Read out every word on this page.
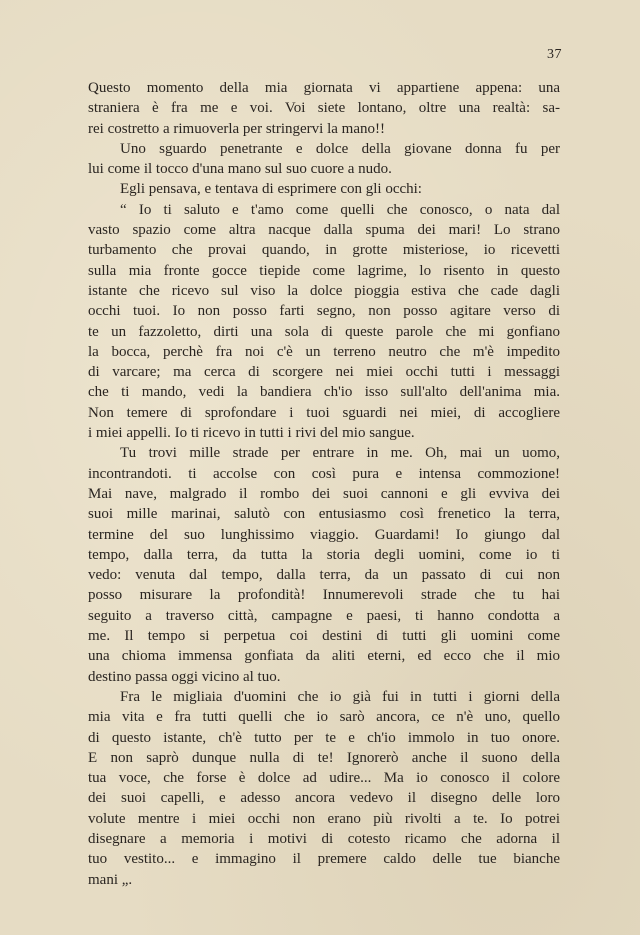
37
Questo momento della mia giornata vi appartiene appena: una
straniera è fra me e voi. Voi siete lontano, oltre una realtà: sa-
rei costretto a rimuoverla per stringervi la mano!!
Uno sguardo penetrante e dolce della giovane donna fu per
lui come il tocco d'una mano sul suo cuore a nudo.
Egli pensava, e tentava di esprimere con gli occhi:
“ Io ti saluto e t'amo come quelli che conosco, o nata dal
vasto spazio come altra nacque dalla spuma dei mari! Lo strano
turbamento che provai quando, in grotte misteriose, io ricevetti
sulla mia fronte gocce tiepide come lagrime, lo risento in questo
istante che ricevo sul viso la dolce pioggia estiva che cade dagli
occhi tuoi. Io non posso farti segno, non posso agitare verso di
te un fazzoletto, dirti una sola di queste parole che mi gonfiano
la bocca, perchè fra noi c'è un terreno neutro che m'è impedito
di varcare; ma cerca di scorgere nei miei occhi tutti i messaggi
che ti mando, vedi la bandiera ch'io isso sull'alto dell'anima mia.
Non temere di sprofondare i tuoi sguardi nei miei, di accogliere
i miei appelli. Io ti ricevo in tutti i rivi del mio sangue.
Tu trovi mille strade per entrare in me. Oh, mai un uomo,
incontrandoti. ti accolse con così pura e intensa commozione!
Mai nave, malgrado il rombo dei suoi cannoni e gli evviva dei
suoi mille marinai, salutò con entusiasmo così frenetico la terra,
termine del suo lunghissimo viaggio. Guardami! Io giungo dal
tempo, dalla terra, da tutta la storia degli uomini, come io ti
vedo: venuta dal tempo, dalla terra, da un passato di cui non
posso misurare la profondità! Innumerevoli strade che tu hai
seguito a traverso città, campagne e paesi, ti hanno condotta a
me. Il tempo si perpetua coi destini di tutti gli uomini come
una chioma immensa gonfiata da aliti eterni, ed ecco che il mio
destino passa oggi vicino al tuo.
Fra le migliaia d'uomini che io già fui in tutti i giorni della
mia vita e fra tutti quelli che io sarò ancora, ce n'è uno, quello
di questo istante, ch'è tutto per te e ch'io immolo in tuo onore.
E non saprò dunque nulla di te! Ignorerò anche il suono della
tua voce, che forse è dolce ad udire... Ma io conosco il colore
dei suoi capelli, e adesso ancora vedevo il disegno delle loro
volute mentre i miei occhi non erano più rivolti a te. Io potrei
disegnare a memoria i motivi di cotesto ricamo che adorna il
tuo vestito... e immagino il premere caldo delle tue bianche
mani „.
